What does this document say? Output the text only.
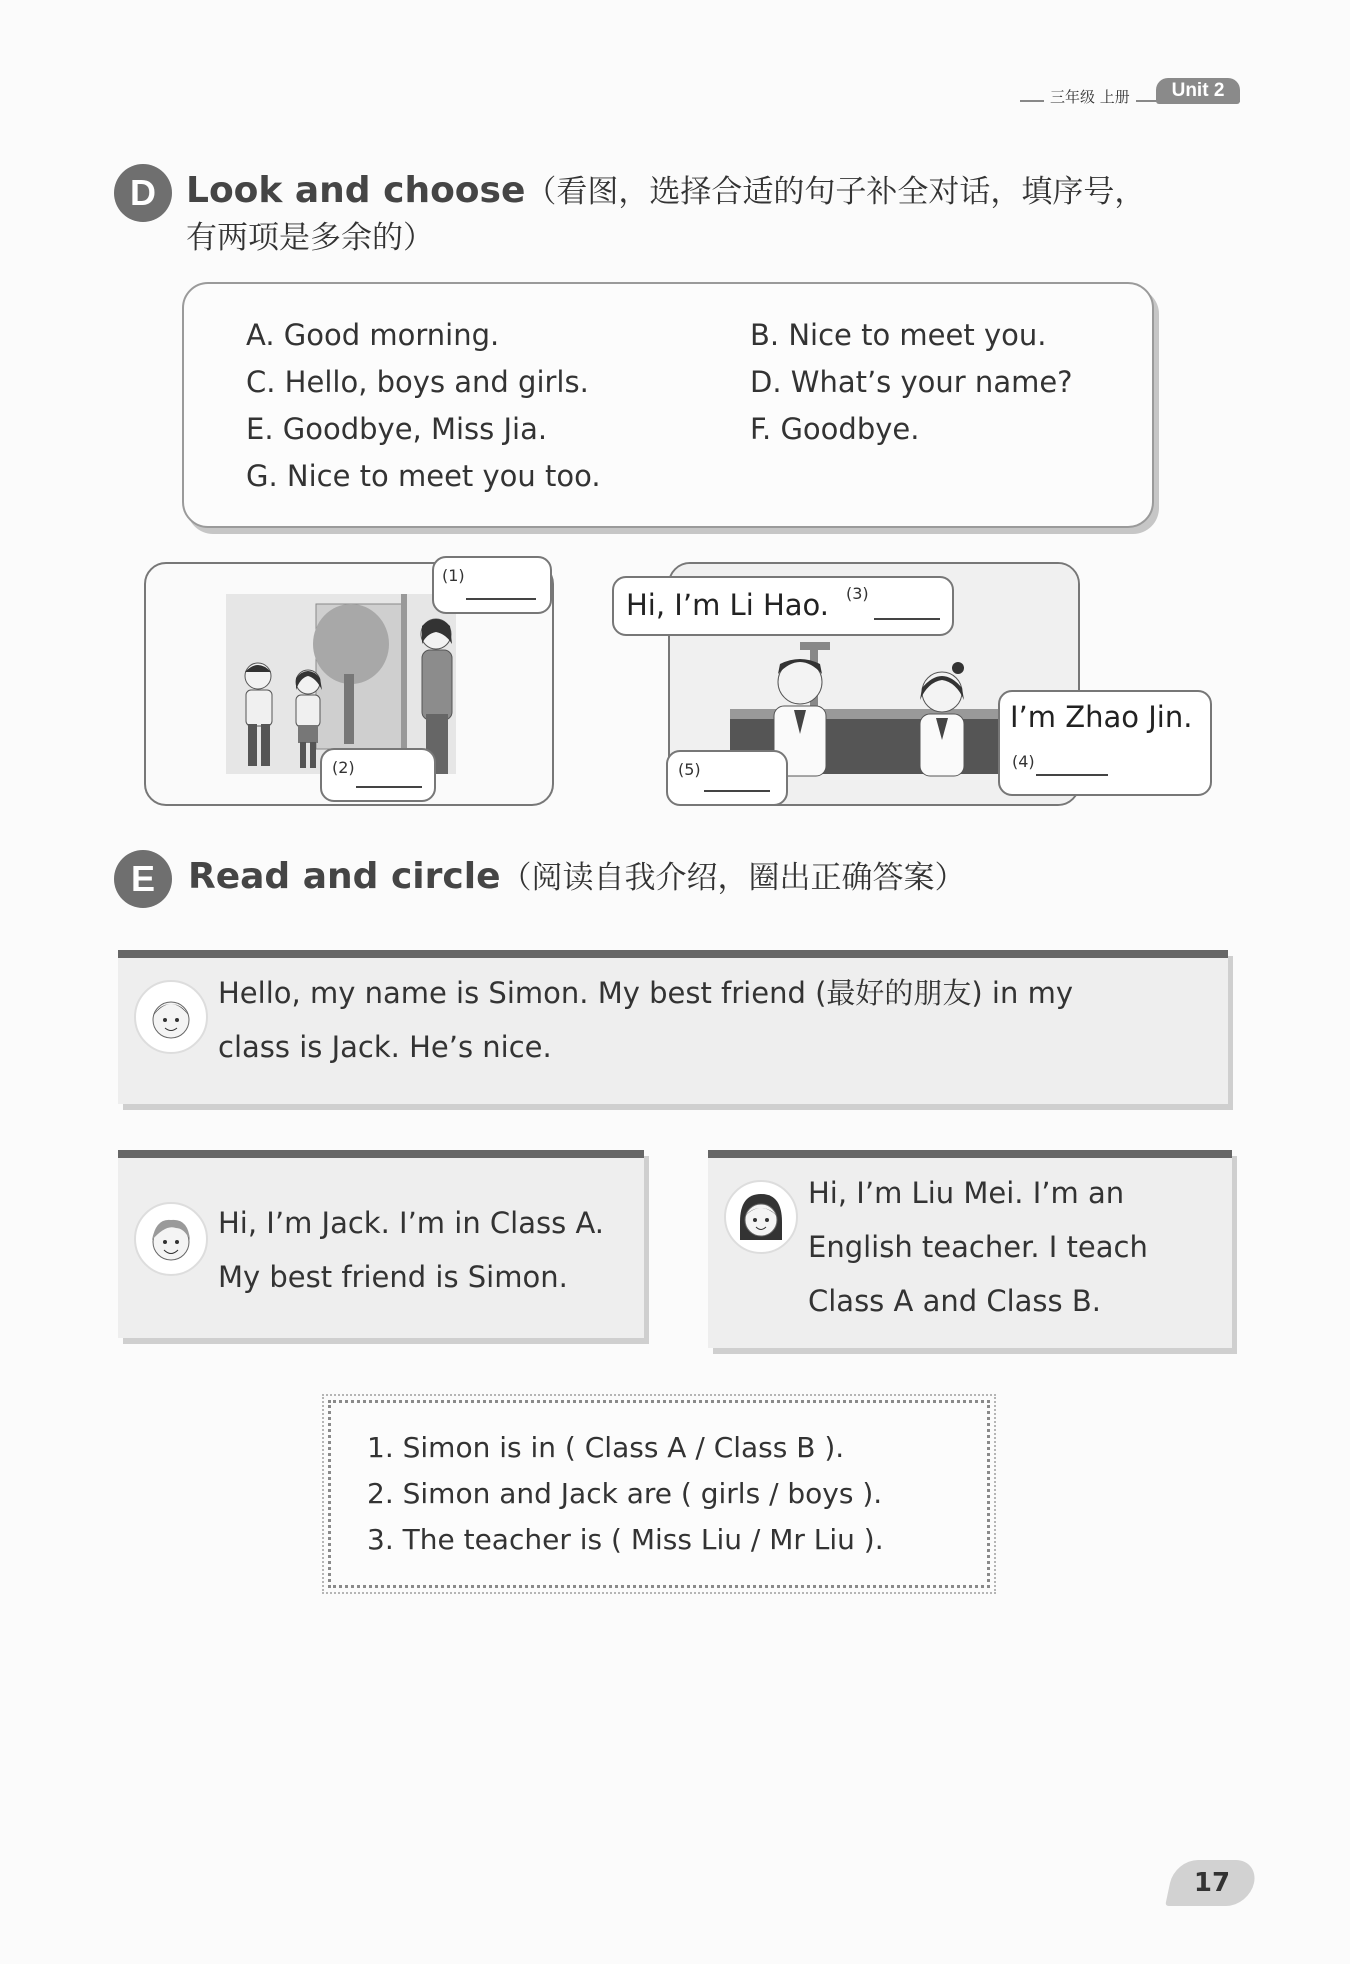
三年级 上册	Unit 2
D Look and choose（看图，选择合适的句子补全对话，填序号，
有两项是多余的）
A. Good morning.	B. Nice to meet you.
C. Hello, boys and girls.	D. What’s your name?
E. Goodbye, Miss Jia.	F. Goodbye.
G. Nice to meet you too.
(1)
(2)
Hi, I’m Li Hao. (3)
I’m Zhao Jin.
(4)
(5)
E Read and circle（阅读自我介绍，圈出正确答案）
Hello, my name is Simon. My best friend (最好的朋友) in my
class is Jack. He’s nice.
Hi, I’m Jack. I’m in Class A.
My best friend is Simon.
Hi, I’m Liu Mei. I’m an
English teacher. I teach
Class A and Class B.
1. Simon is in ( Class A / Class B ).
2. Simon and Jack are ( girls / boys ).
3. The teacher is ( Miss Liu / Mr Liu ).
17
